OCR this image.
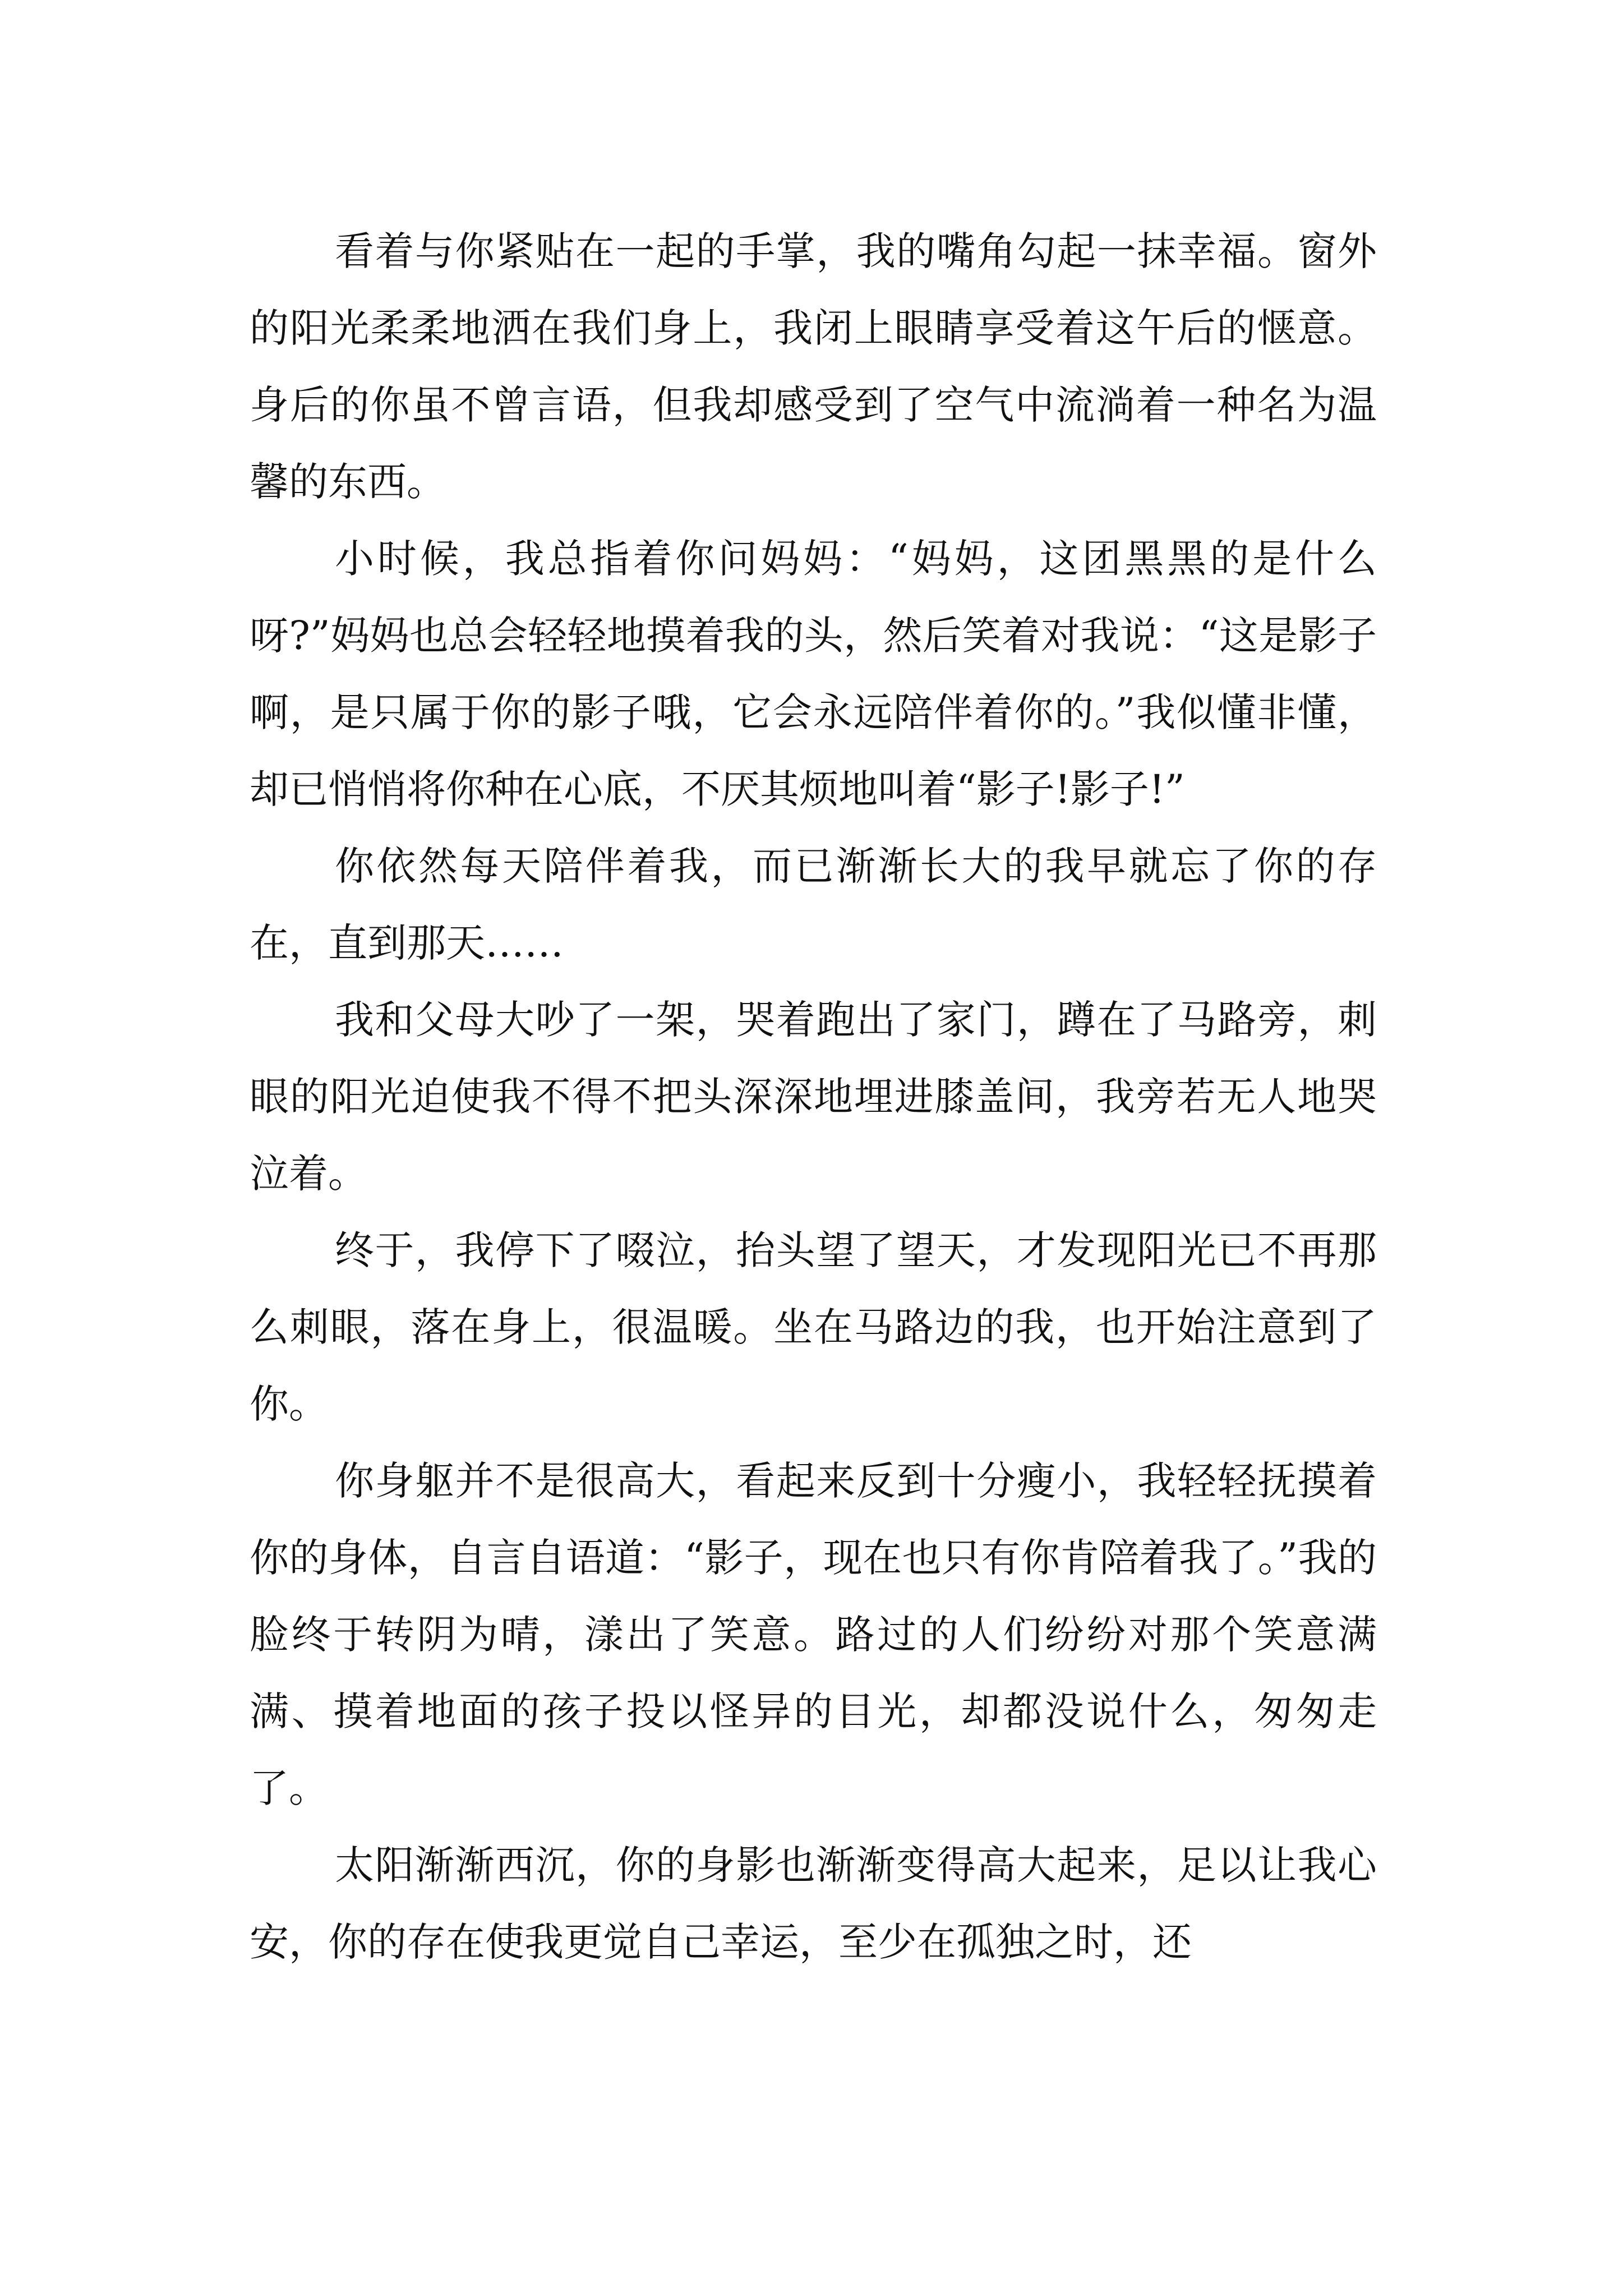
看着与你紧贴在一起的手掌，我的嘴角勾起一抹幸福。窗外的阳光柔柔地洒在我们身上，我闭上眼睛享受着这午后的惬意。身后的你虽不曾言语，但我却感受到了空气中流淌着一种名为温馨的东西。

小时候，我总指着你问妈妈：“妈妈，这团黑黑的是什么呀?”妈妈也总会轻轻地摸着我的头，然后笑着对我说：“这是影子啊，是只属于你的影子哦，它会永远陪伴着你的。”我似懂非懂，却已悄悄将你种在心底，不厌其烦地叫着“影子!影子!”

你依然每天陪伴着我，而已渐渐长大的我早就忘了你的存在，直到那天……

我和父母大吵了一架，哭着跑出了家门，蹲在了马路旁，刺眼的阳光迫使我不得不把头深深地埋进膝盖间，我旁若无人地哭泣着。

终于，我停下了啜泣，抬头望了望天，才发现阳光已不再那么刺眼，落在身上，很温暖。坐在马路边的我，也开始注意到了你。

你身躯并不是很高大，看起来反到十分瘦小，我轻轻抚摸着你的身体，自言自语道：“影子，现在也只有你肯陪着我了。”我的脸终于转阴为晴，漾出了笑意。路过的人们纷纷对那个笑意满满、摸着地面的孩子投以怪异的目光，却都没说什么，匆匆走了。

太阳渐渐西沉，你的身影也渐渐变得高大起来，足以让我心安，你的存在使我更觉自己幸运，至少在孤独之时，还
